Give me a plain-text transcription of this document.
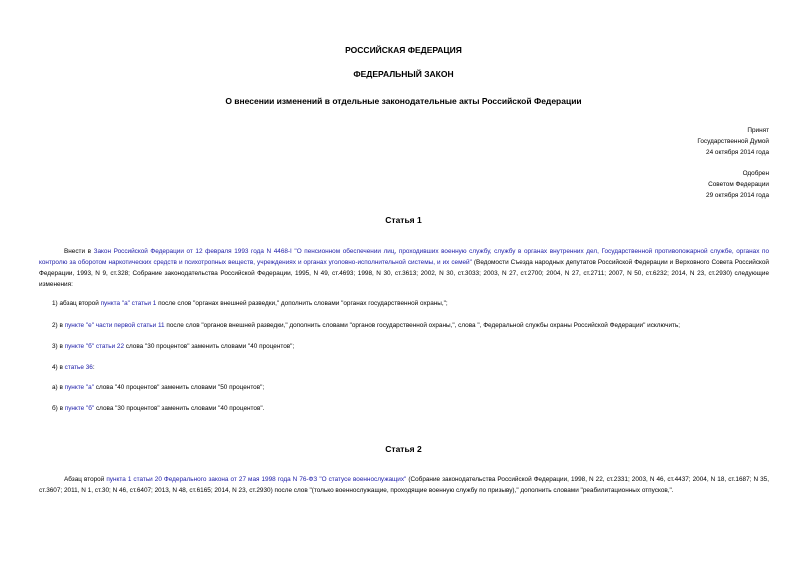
РОССИЙСКАЯ ФЕДЕРАЦИЯ
ФЕДЕРАЛЬНЫЙ ЗАКОН
О внесении изменений в отдельные законодательные акты Российской Федерации
Принят
Государственной Думой
24 октября 2014 года
Одобрен
Советом Федерации
29 октября 2014 года
Статья 1
Внести в Закон Российской Федерации от 12 февраля 1993 года N 4468-I "О пенсионном обеспечении лиц, проходивших военную службу, службу в органах внутренних дел, Государственной противопожарной службе, органах по контролю за оборотом наркотических средств и психотропных веществ, учреждениях и органах уголовно-исполнительной системы, и их семей" (Ведомости Съезда народных депутатов Российской Федерации и Верховного Совета Российской Федерации, 1993, N 9, ст.328; Собрание законодательства Российской Федерации, 1995, N 49, ст.4693; 1998, N 30, ст.3613; 2002, N 30, ст.3033; 2003, N 27, ст.2700; 2004, N 27, ст.2711; 2007, N 50, ст.6232; 2014, N 23, ст.2930) следующие изменения:
1) абзац второй пункта "а" статьи 1 после слов "органах внешней разведки," дополнить словами "органах государственной охраны,";
2) в пункте "е" части первой статьи 11 после слов "органов внешней разведки," дополнить словами "органов государственной охраны,", слова ", Федеральной службы охраны Российской Федерации" исключить;
3) в пункте "б" статьи 22 слова "30 процентов" заменить словами "40 процентов";
4) в статье 36:
а) в пункте "а" слова "40 процентов" заменить словами "50 процентов";
б) в пункте "б" слова "30 процентов" заменить словами "40 процентов".
Статья 2
Абзац второй пункта 1 статьи 20 Федерального закона от 27 мая 1998 года N 76-ФЗ "О статусе военнослужащих" (Собрание законодательства Российской Федерации, 1998, N 22, ст.2331; 2003, N 46, ст.4437; 2004, N 18, ст.1687; N 35, ст.3607; 2011, N 1, ст.30; N 46, ст.6407; 2013, N 48, ст.6165; 2014, N 23, ст.2930) после слов "(только военнослужащие, проходящие военную службу по призыву)," дополнить словами "реабилитационных отпусков,".
